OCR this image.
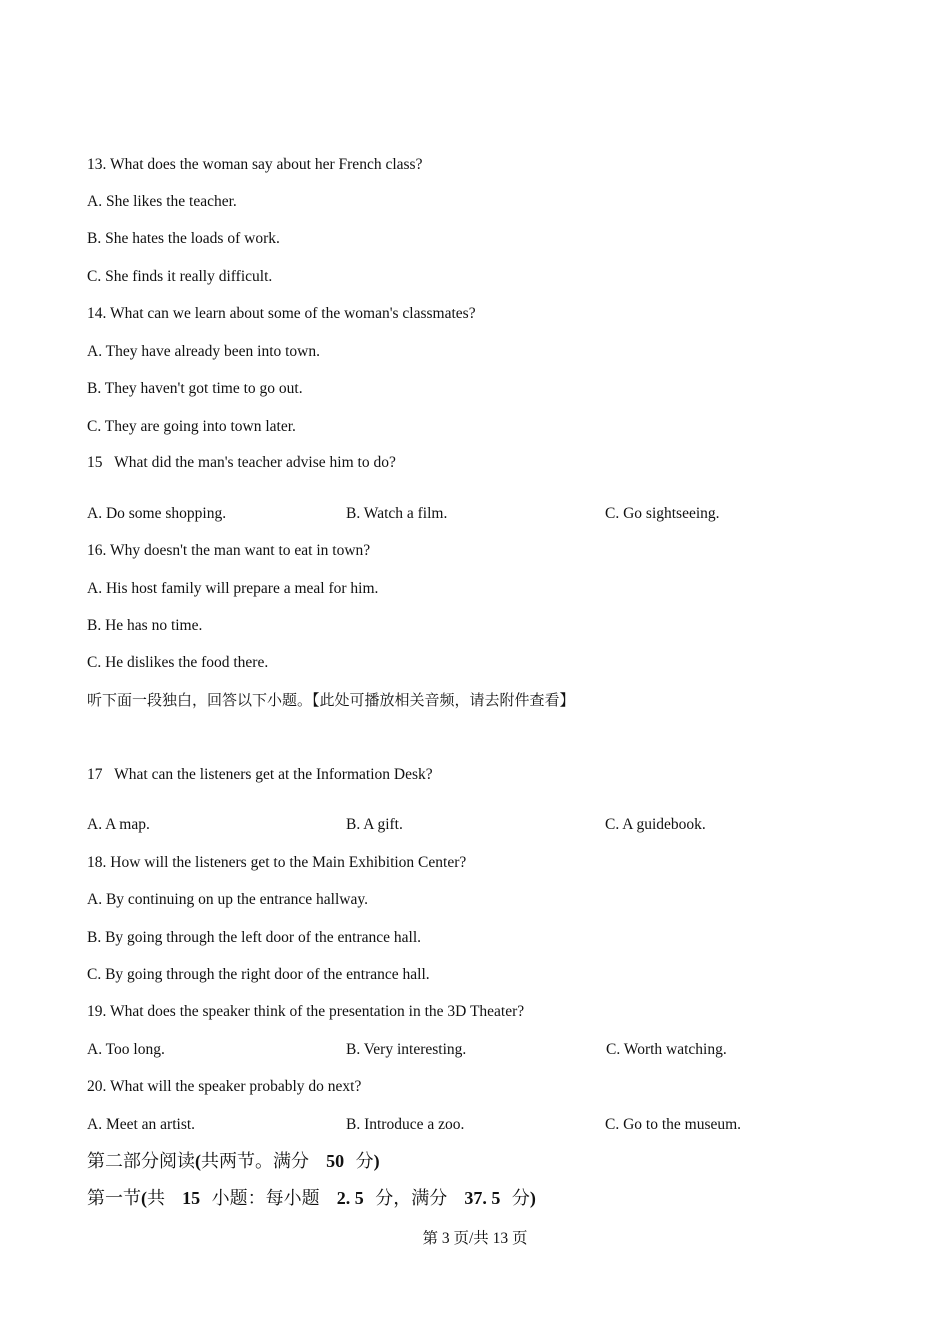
13. What does the woman say about her French class?
A. She likes the teacher.
B. She hates the loads of work.
C. She finds it really difficult.
14. What can we learn about some of the woman's classmates?
A. They have already been into town.
B. They haven't got time to go out.
C. They are going into town later.
15   What did the man's teacher advise him to do?
A. Do some shopping.	B. Watch a film.	C. Go sightseeing.
16. Why doesn't the man want to eat in town?
A. His host family will prepare a meal for him.
B. He has no time.
C. He dislikes the food there.
听下面一段独白，回答以下小题。【此处可播放相关音频，请去附件查看】
17   What can the listeners get at the Information Desk?
A. A map.	B. A gift.	C. A guidebook.
18. How will the listeners get to the Main Exhibition Center?
A. By continuing on up the entrance hallway.
B. By going through the left door of the entrance hall.
C. By going through the right door of the entrance hall.
19. What does the speaker think of the presentation in the 3D Theater?
A. Too long.	B. Very interesting.	C. Worth watching.
20. What will the speaker probably do next?
A. Meet an artist.	B. Introduce a zoo.	C. Go to the museum.
第二部分阅读(共两节。满分 50 分)
第一节(共 15 小题：每小题 2. 5 分，满分 37. 5 分)
第 3 页/共 13 页
